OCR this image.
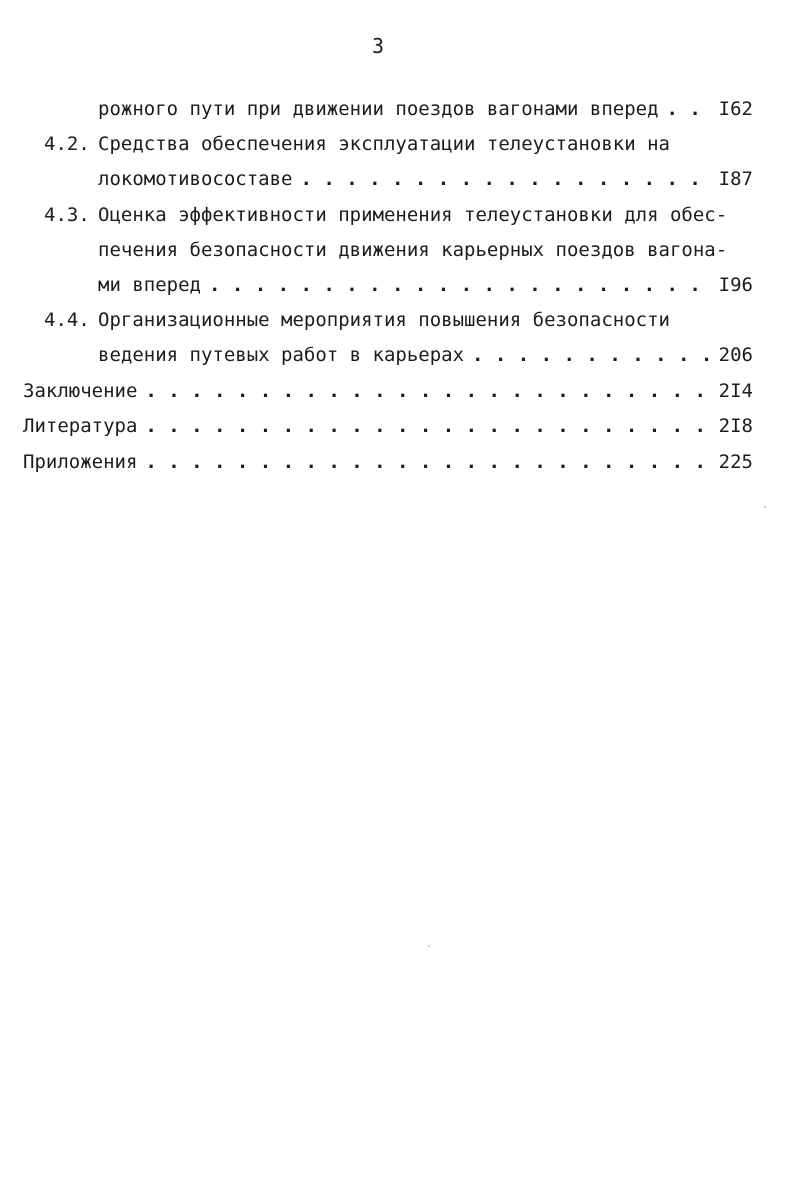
3
рожного пути при движении поездов вагонами вперед . . .	I62
4.2. Средства обеспечения эксплуатации телеустановки на
локомотивосоставе . . .	I87
4.3. Оценка эффективности применения телеустановки для обес-
печения безопасности движения карьерных поездов вагона-
ми вперед . . .	I96
4.4. Организационные мероприятия повышения безопасности
ведения путевых работ в карьерах . . .	206
Заключение . . .	2I4
Литература . . .	2I8
Приложения . . .	225
